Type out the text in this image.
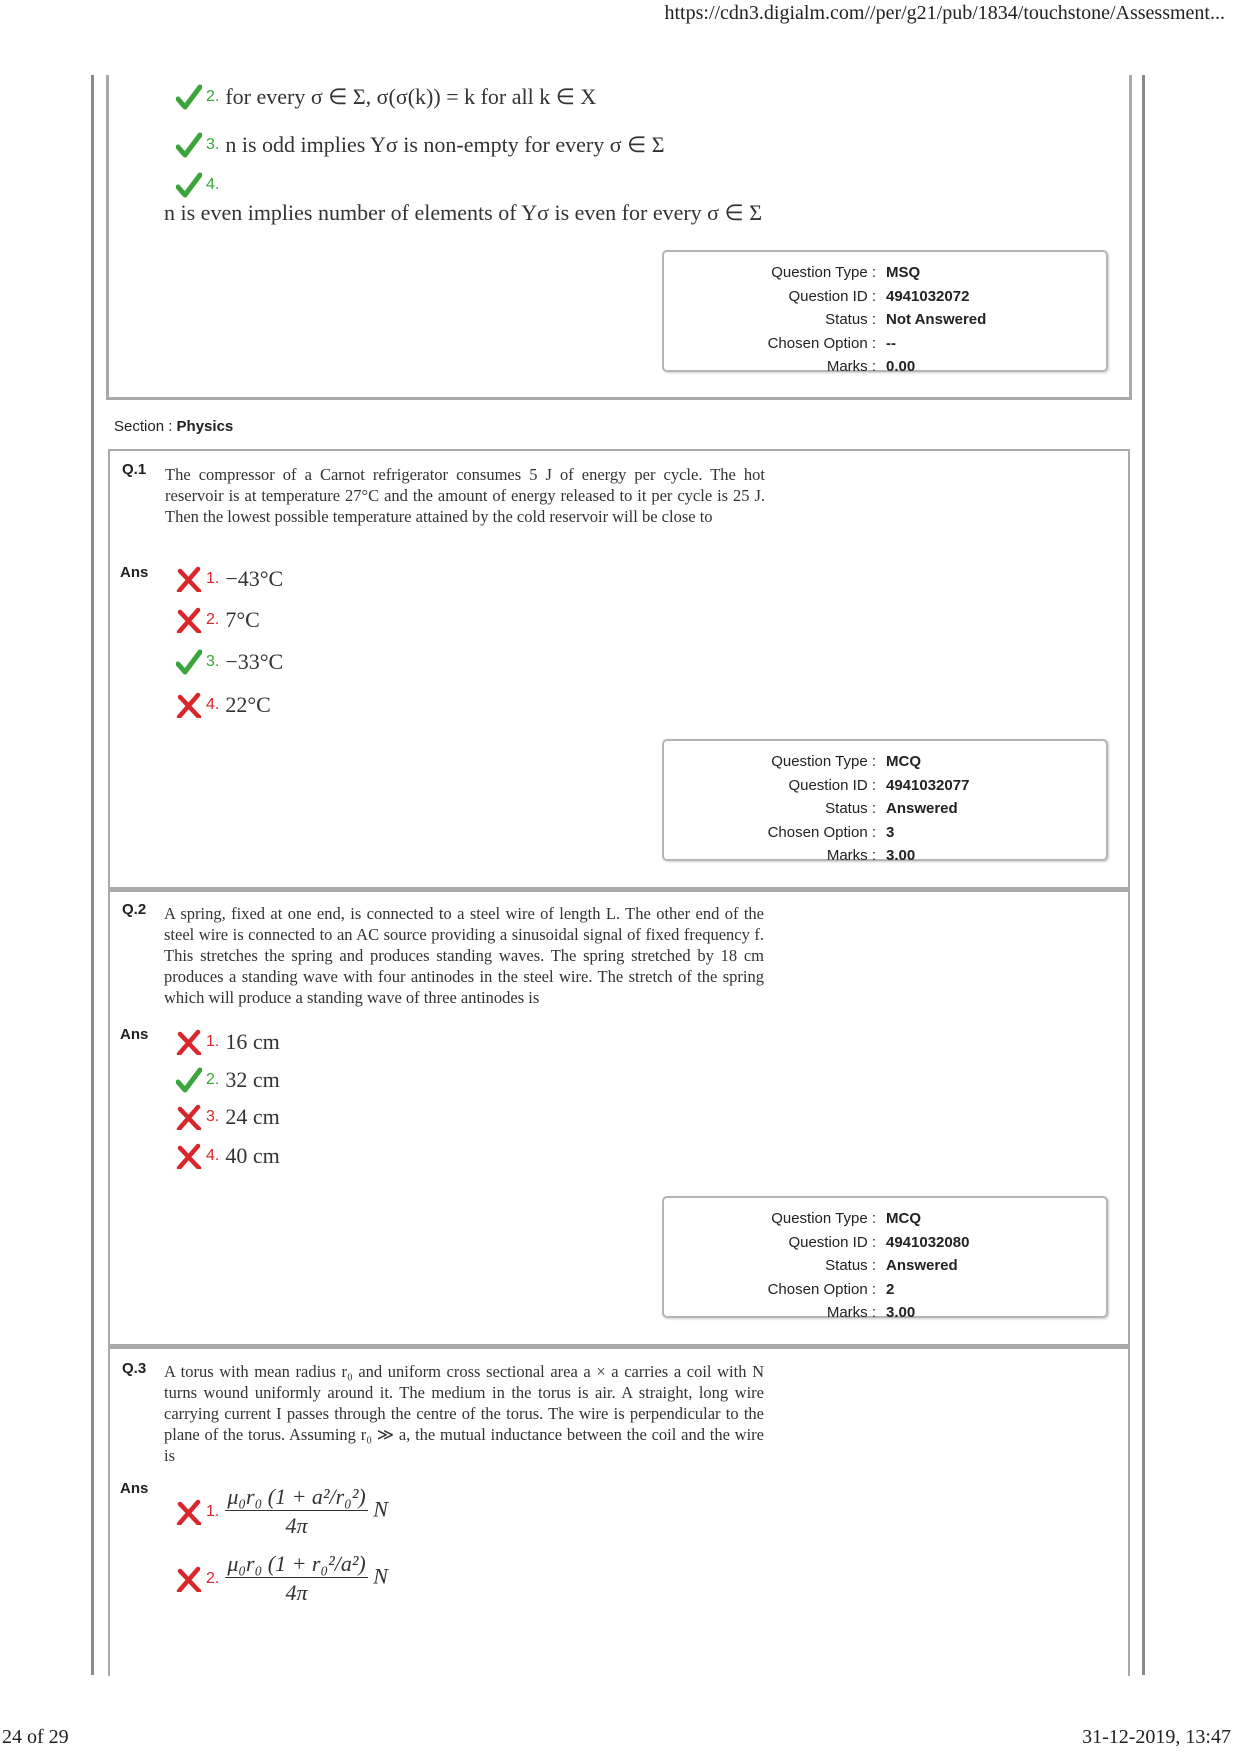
https://cdn3.digialm.com//per/g21/pub/1834/touchstone/Assessment...
2. for every σ ∈ Σ, σ(σ(k)) = k for all k ∈ X
3. n is odd implies Yσ is non-empty for every σ ∈ Σ
4.
n is even implies number of elements of Yσ is even for every σ ∈ Σ
Question Type : MSQ
Question ID : 4941032072
Status : Not Answered
Chosen Option : --
Marks : 0.00
Section : Physics
Q.1 The compressor of a Carnot refrigerator consumes 5 J of energy per cycle. The hot reservoir is at temperature 27°C and the amount of energy released to it per cycle is 25 J. Then the lowest possible temperature attained by the cold reservoir will be close to
Ans	1. −43°C
2. 7°C
3. −33°C
4. 22°C
Question Type : MCQ
Question ID : 4941032077
Status : Answered
Chosen Option : 3
Marks : 3.00
Q.2 A spring, fixed at one end, is connected to a steel wire of length L. The other end of the steel wire is connected to an AC source providing a sinusoidal signal of fixed frequency f. This stretches the spring and produces standing waves. The spring stretched by 18 cm produces a standing wave with four antinodes in the steel wire. The stretch of the spring which will produce a standing wave of three antinodes is
Ans	1. 16 cm
2. 32 cm
3. 24 cm
4. 40 cm
Question Type : MCQ
Question ID : 4941032080
Status : Answered
Chosen Option : 2
Marks : 3.00
Q.3 A torus with mean radius r₀ and uniform cross sectional area a × a carries a coil with N turns wound uniformly around it. The medium in the torus is air. A straight, long wire carrying current I passes through the centre of the torus. The wire is perpendicular to the plane of the torus. Assuming r₀ ≫ a, the mutual inductance between the coil and the wire is
Ans
1. $\frac{\text{μ₀r₀ (1 + a²/r₀²)}}{4\pi}$ N
2. $\frac{\text{μ₀r₀ (1 + r₀²/a²)}}{4\pi}$ N
24 of 29	31-12-2019, 13:47
